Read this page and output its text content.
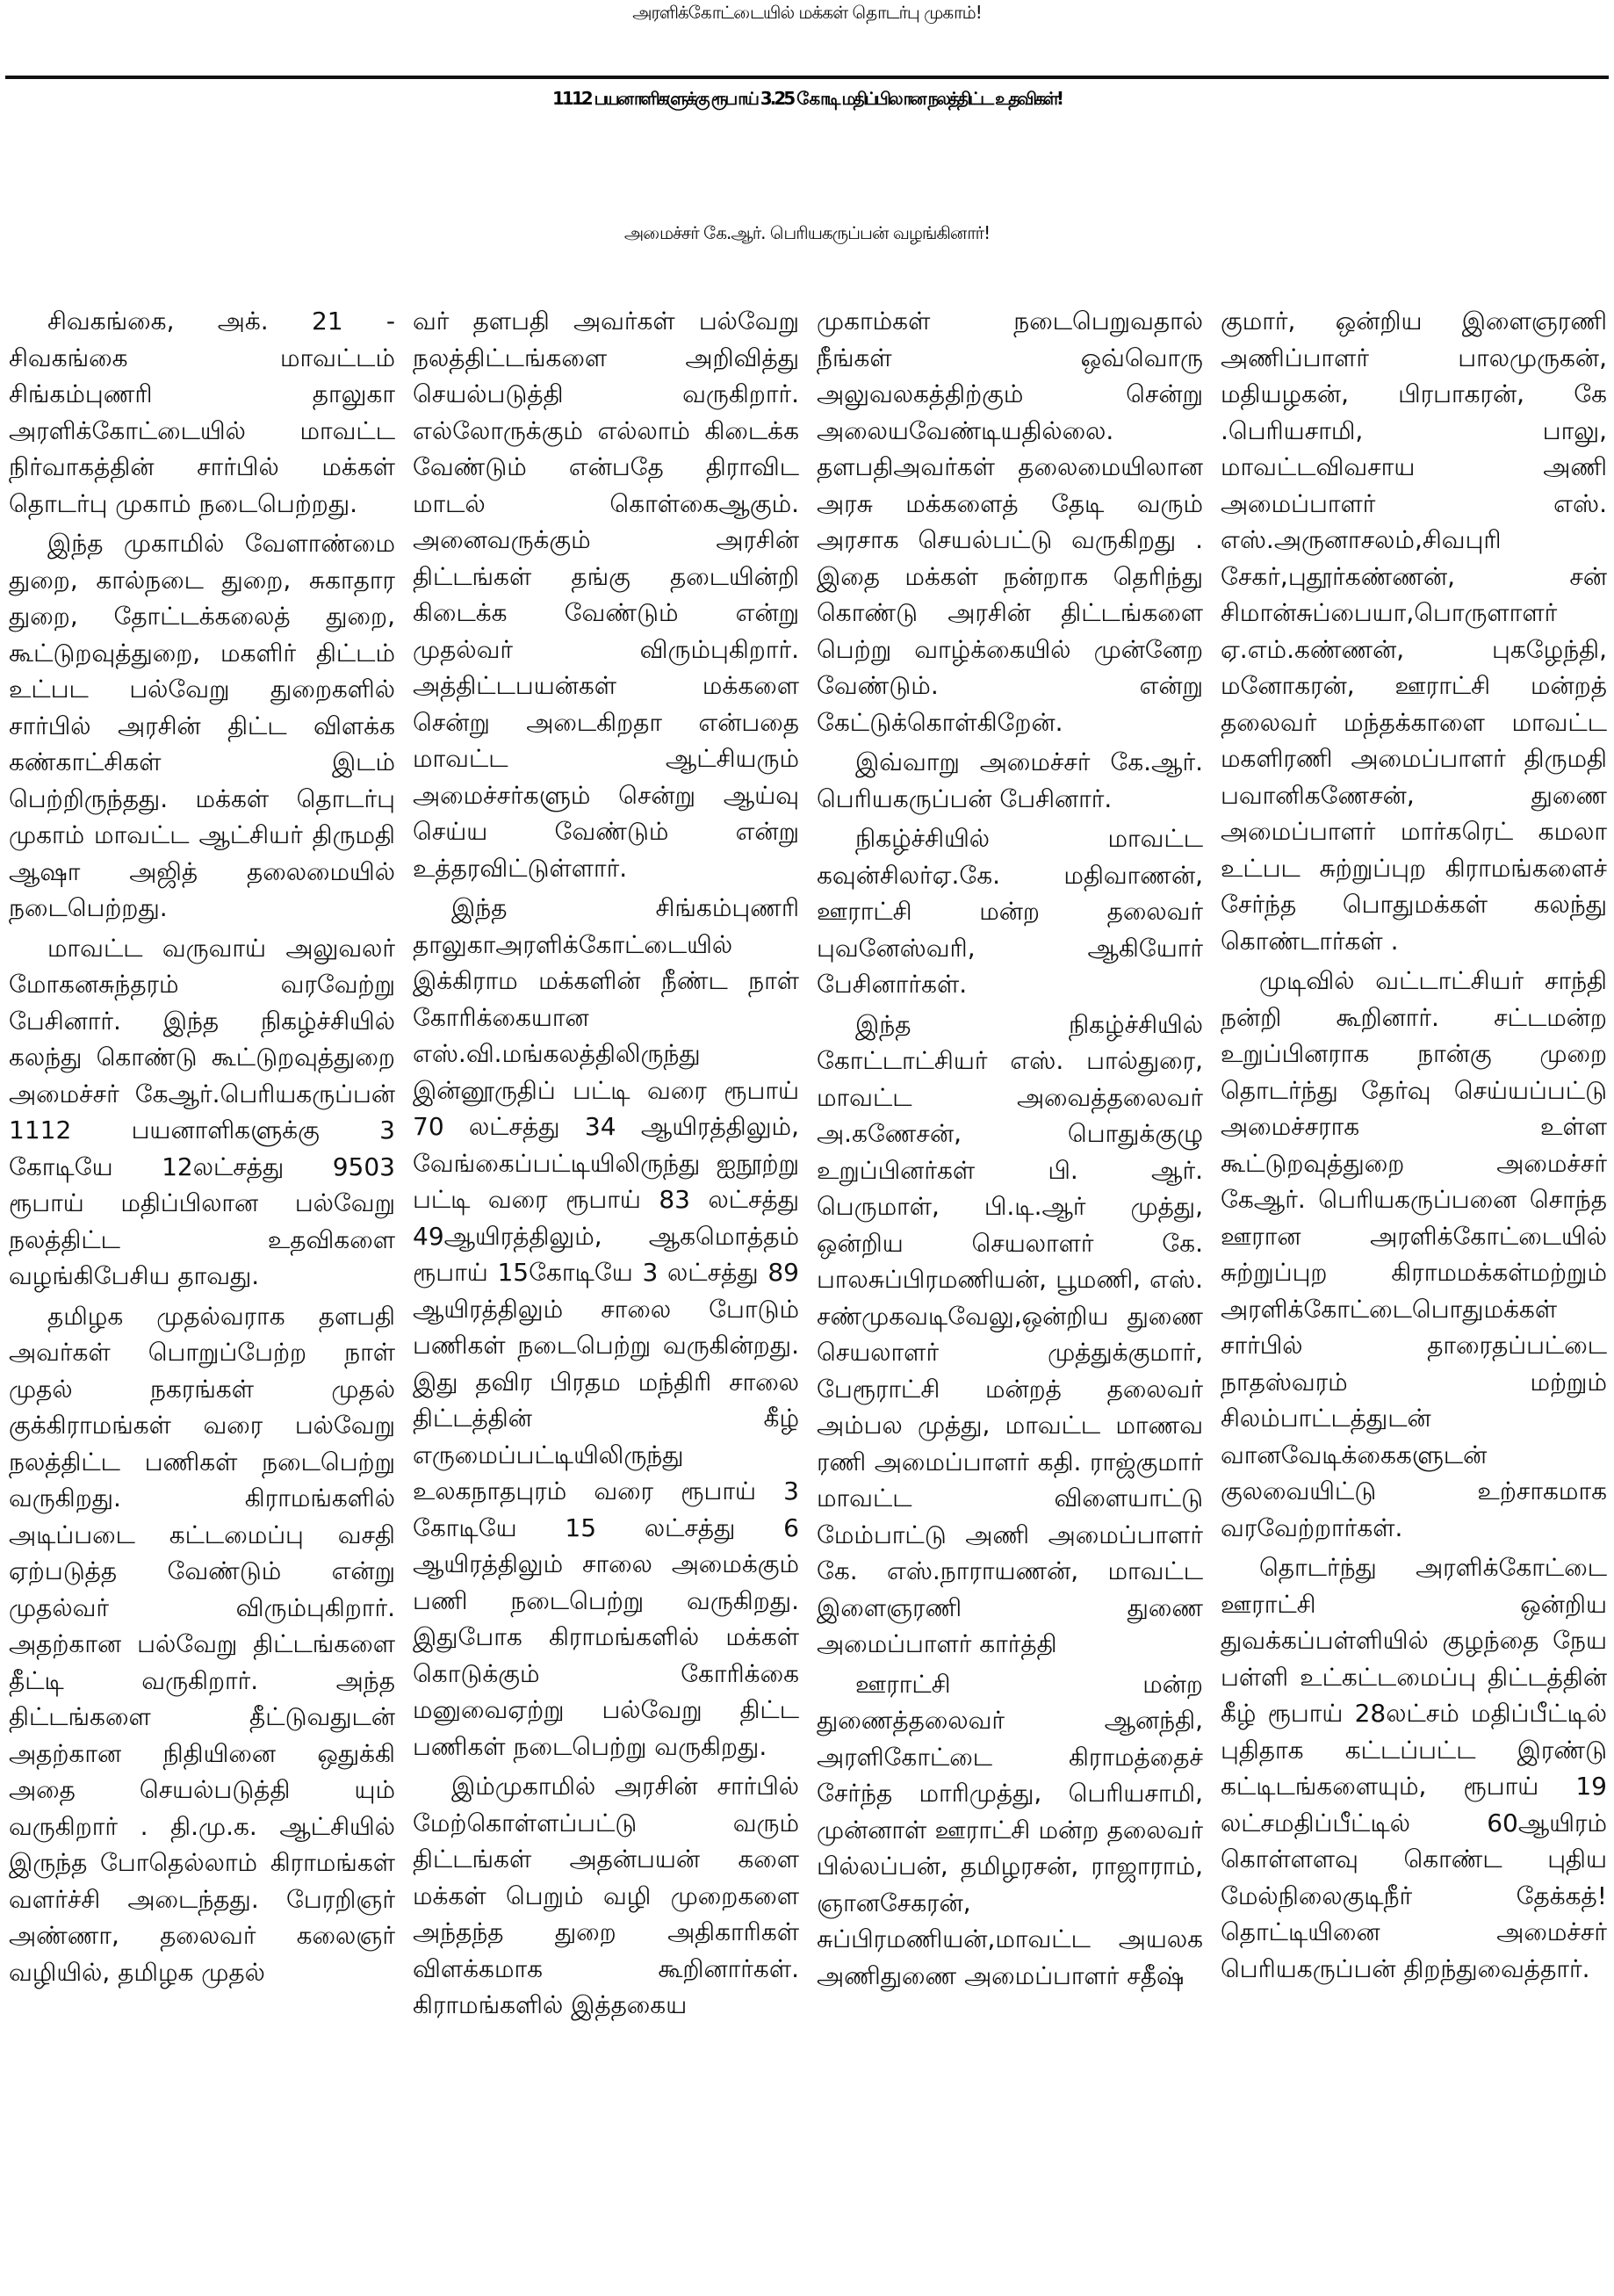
அரளிக்கோட்டையில் மக்கள் தொடர்பு முகாம்!
1112 பயனாளிகளுக்கு ரூபாய் 3.25 கோடி மதிப்பிலான நலத்திட்ட உதவிகள்!
அமைச்சர் கே.ஆர். பெரியகருப்பன் வழங்கினார்!

சிவகங்கை, அக். 21 - சிவகங்கை மாவட்டம் சிங்கம்புணரி தாலுகா அரளிக்கோட்டையில் மாவட்ட நிர்வாகத்தின் சார்பில் மக்கள் தொடர்பு முகாம் நடைபெற்றது.

இந்த முகாமில் வேளாண்மை துறை, கால்நடை துறை, சுகாதார துறை, தோட்டக்கலைத் துறை, கூட்டுறவுத்துறை, மகளிர் திட்டம் உட்பட பல்வேறு துறைகளில் சார்பில் அரசின் திட்ட விளக்க கண்காட்சிகள் இடம் பெற்றிருந்தது. மக்கள் தொடர்பு முகாம் மாவட்ட ஆட்சியர் திருமதி ஆஷா அஜித் தலைமையில் நடைபெற்றது.

மாவட்ட வருவாய் அலுவலர் மோகனசுந்தரம் வரவேற்று பேசினார். இந்த நிகழ்ச்சியில் கலந்து கொண்டு கூட்டுறவுத்துறை அமைச்சர் கேஆர்.பெரியகருப்பன் 1112 பயனாளிகளுக்கு 3 கோடியே 12லட்சத்து 9503 ரூபாய் மதிப்பிலான பல்வேறு நலத்திட்ட உதவிகளை வழங்கிபேசிய தாவது.

தமிழக முதல்வராக தளபதி அவர்கள் பொறுப்பேற்ற நாள் முதல் நகரங்கள் முதல் குக்கிராமங்கள் வரை பல்வேறு நலத்திட்ட பணிகள் நடைபெற்று வருகிறது. கிராமங்களில் அடிப்படை கட்டமைப்பு வசதி ஏற்படுத்த வேண்டும் என்று முதல்வர் விரும்புகிறார். அதற்கான பல்வேறு திட்டங்களை தீட்டி வருகிறார். அந்த திட்டங்களை தீட்டுவதுடன் அதற்கான நிதியினை ஒதுக்கி அதை செயல்படுத்தி யும் வருகிறார் . தி.மு.க. ஆட்சியில் இருந்த போதெல்லாம் கிராமங்கள் வளர்ச்சி அடைந்தது. பேரறிஞர் அண்ணா, தலைவர் கலைஞர் வழியில், தமிழக முதல்

வர் தளபதி அவர்கள் பல்வேறு நலத்திட்டங்களை அறிவித்து செயல்படுத்தி வருகிறார். எல்லோருக்கும் எல்லாம் கிடைக்க வேண்டும் என்பதே திராவிட மாடல் கொள்கைஆகும். அனைவருக்கும் அரசின் திட்டங்கள் தங்கு தடையின்றி கிடைக்க வேண்டும் என்று முதல்வர் விரும்புகிறார். அத்திட்டபயன்கள் மக்களை சென்று அடைகிறதா என்பதை மாவட்ட ஆட்சியரும் அமைச்சர்களும் சென்று ஆய்வு செய்ய வேண்டும் என்று உத்தரவிட்டுள்ளார்.

இந்த சிங்கம்புணரி தாலுகாஅரளிக்கோட்டையில் இக்கிராம மக்களின் நீண்ட நாள் கோரிக்கையான எஸ்.வி.மங்கலத்திலிருந்து இன்னூருதிப் பட்டி வரை ரூபாய் 70 லட்சத்து 34 ஆயிரத்திலும், வேங்கைப்பட்டியிலிருந்து ஐநூற்று பட்டி வரை ரூபாய் 83 லட்சத்து 49ஆயிரத்திலும், ஆகமொத்தம் ரூபாய் 15கோடியே 3 லட்சத்து 89 ஆயிரத்திலும் சாலை போடும் பணிகள் நடைபெற்று வருகின்றது. இது தவிர பிரதம மந்திரி சாலை திட்டத்தின் கீழ் எருமைப்பட்டியிலிருந்து உலகநாதபுரம் வரை ரூபாய் 3 கோடியே 15 லட்சத்து 6 ஆயிரத்திலும் சாலை அமைக்கும் பணி நடைபெற்று வருகிறது. இதுபோக கிராமங்களில் மக்கள் கொடுக்கும் கோரிக்கை மனுவைஏற்று பல்வேறு திட்ட பணிகள் நடைபெற்று வருகிறது.

இம்முகாமில் அரசின் சார்பில் மேற்கொள்ளப்பட்டு வரும் திட்டங்கள் அதன்பயன் களை மக்கள் பெறும் வழி முறைகளை அந்தந்த துறை அதிகாரிகள் விளக்கமாக கூறினார்கள். கிராமங்களில் இத்தகைய

முகாம்கள் நடைபெறுவதால் நீங்கள் ஒவ்வொரு அலுவலகத்திற்கும் சென்று அலையவேண்டியதில்லை. தளபதிஅவர்கள் தலைமையிலான அரசு மக்களைத் தேடி வரும் அரசாக செயல்பட்டு வருகிறது . இதை மக்கள் நன்றாக தெரிந்து கொண்டு அரசின் திட்டங்களை பெற்று வாழ்க்கையில் முன்னேற வேண்டும். என்று கேட்டுக்கொள்கிறேன்.

இவ்வாறு அமைச்சர் கே.ஆர். பெரியகருப்பன் பேசினார்.

நிகழ்ச்சியில் மாவட்ட கவுன்சிலர்ஏ.கே. மதிவாணன், ஊராட்சி மன்ற தலைவர் புவனேஸ்வரி, ஆகியோர் பேசினார்கள்.

இந்த நிகழ்ச்சியில் கோட்டாட்சியர் எஸ். பால்துரை, மாவட்ட அவைத்தலைவர் அ.கணேசன், பொதுக்குழு உறுப்பினர்கள் பி. ஆர். பெருமாள், பி.டி.ஆர் முத்து, ஒன்றிய செயலாளர் கே. பாலசுப்பிரமணியன், பூமணி, எஸ். சண்முகவடிவேலு,ஒன்றிய துணை செயலாளர் முத்துக்குமார், பேரூராட்சி மன்றத் தலைவர் அம்பல முத்து, மாவட்ட மாணவ ரணி அமைப்பாளர் கதி. ராஜ்குமார் மாவட்ட விளையாட்டு மேம்பாட்டு அணி அமைப்பாளர் கே. எஸ்.நாராயணன், மாவட்ட இளைஞரணி துணை அமைப்பாளர் கார்த்தி

ஊராட்சி மன்ற துணைத்தலைவர் ஆனந்தி, அரளிகோட்டை கிராமத்தைச் சேர்ந்த மாரிமுத்து, பெரியசாமி, முன்னாள் ஊராட்சி மன்ற தலைவர் பில்லப்பன், தமிழரசன், ராஜாராம், ஞானசேகரன், சுப்பிரமணியன்,மாவட்ட அயலக அணிதுணை அமைப்பாளர் சதீஷ்

குமார், ஒன்றிய இளைஞரணி அணிப்பாளர் பாலமுருகன், மதியழகன், பிரபாகரன், கே .பெரியசாமி, பாலு, மாவட்டவிவசாய அணி அமைப்பாளர் எஸ். எஸ்.அருனாசலம்,சிவபுரி சேகர்,புதூர்கண்ணன், சன் சிமான்சுப்பையா,பொருளாளர் ஏ.எம்.கண்ணன், புகழேந்தி, மனோகரன், ஊராட்சி மன்றத் தலைவர் மந்தக்காளை மாவட்ட மகளிரணி அமைப்பாளர் திருமதி பவானிகணேசன், துணை அமைப்பாளர் மார்கரெட் கமலா உட்பட சுற்றுப்புற கிராமங்களைச் சேர்ந்த பொதுமக்கள் கலந்து கொண்டார்கள் .

முடிவில் வட்டாட்சியர் சாந்தி நன்றி கூறினார். சட்டமன்ற உறுப்பினராக நான்கு முறை தொடர்ந்து தேர்வு செய்யப்பட்டு அமைச்சராக உள்ள கூட்டுறவுத்துறை அமைச்சர் கேஆர். பெரியகருப்பனை சொந்த ஊரான அரளிக்கோட்டையில் சுற்றுப்புற கிராமமக்கள்மற்றும் அரளிக்கோட்டைபொதுமக்கள் சார்பில் தாரைதப்பட்டை நாதஸ்வரம் மற்றும் சிலம்பாட்டத்துடன் வானவேடிக்கைகளுடன் குலவையிட்டு உற்சாகமாக வரவேற்றார்கள்.

தொடர்ந்து அரளிக்கோட்டை ஊராட்சி ஒன்றிய துவக்கப்பள்ளியில் குழந்தை நேய பள்ளி உட்கட்டமைப்பு திட்டத்தின் கீழ் ரூபாய் 28லட்சம் மதிப்பீட்டில் புதிதாக கட்டப்பட்ட இரண்டு கட்டிடங்களையும், ரூபாய் 19 லட்சமதிப்பீட்டில் 60ஆயிரம் கொள்ளளவு கொண்ட புதிய மேல்நிலைகுடிநீர் தேக்கத்! தொட்டியினை அமைச்சர் பெரியகருப்பன் திறந்துவைத்தார்.
